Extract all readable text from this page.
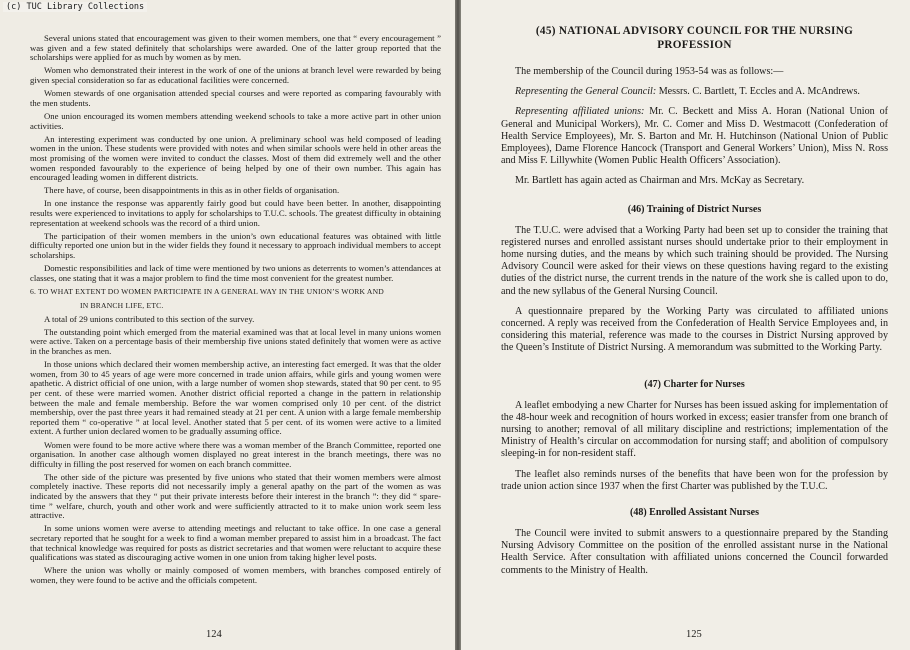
(c) TUC Library Collections

Several unions stated that encouragement was given to their women members, one that “ every encouragement ” was given and a few stated definitely that scholarships were awarded. One of the latter group reported that the scholarships were applied for as much by women as by men.

Women who demonstrated their interest in the work of one of the unions at branch level were rewarded by being given special consideration so far as educational facilities were concerned.

Women stewards of one organisation attended special courses and were reported as comparing favourably with the men students.

One union encouraged its women members attending weekend schools to take a more active part in other union activities.

An interesting experiment was conducted by one union. A preliminary school was held composed of leading women in the union. These students were provided with notes and when similar schools were held in other areas the most promising of the women were invited to conduct the classes. Most of them did extremely well and the other women responded favourably to the experience of being helped by one of their own number. This again has encouraged leading women in different districts.

There have, of course, been disappointments in this as in other fields of organisation.

In one instance the response was apparently fairly good but could have been better. In another, disappointing results were experienced to invitations to apply for scholarships to T.U.C. schools. The greatest difficulty in obtaining representation at weekend schools was the record of a third union.

The participation of their women members in the union’s own educational features was obtained with little difficulty reported one union but in the wider fields they found it necessary to approach individual members to accept scholarships.

Domestic responsibilities and lack of time were mentioned by two unions as deterrents to women’s attendances at classes, one stating that it was a major problem to find the time most convenient for the greatest number.

6. TO WHAT EXTENT DO WOMEN PARTICIPATE IN A GENERAL WAY IN THE UNION’S WORK AND

IN BRANCH LIFE, ETC.

A total of 29 unions contributed to this section of the survey.

The outstanding point which emerged from the material examined was that at local level in many unions women were active. Taken on a percentage basis of their membership five unions stated definitely that women were as active in the branches as men.

In those unions which declared their women membership active, an interesting fact emerged. It was that the older women, from 30 to 45 years of age were more concerned in trade union affairs, while girls and young women were apathetic. A district official of one union, with a large number of women shop stewards, stated that 90 per cent. to 95 per cent. of these were married women. Another district official reported a change in the pattern in relationship between the male and female membership. Before the war women comprised only 10 per cent. of the district membership, over the past three years it had remained steady at 21 per cent. A union with a large female membership reported them “ co-operative ” at local level. Another stated that 5 per cent. of its women were active to a limited extent. A further union declared women to be gradually assuming office.

Women were found to be more active where there was a woman member of the Branch Committee, reported one organisation. In another case although women displayed no great interest in the branch meetings, there was no difficulty in filling the post reserved for women on each branch committee.

The other side of the picture was presented by five unions who stated that their women members were almost completely inactive. These reports did not necessarily imply a general apathy on the part of the women as was indicated by the answers that they “ put their private interests before their interest in the branch ”: they did “ spare-time ” welfare, church, youth and other work and were sufficiently attracted to it to make union work seem less attractive.

In some unions women were averse to attending meetings and reluctant to take office. In one case a general secretary reported that he sought for a week to find a woman member prepared to assist him in a broadcast. The fact that technical knowledge was required for posts as district secretaries and that women were reluctant to acquire these qualifications was stated as discouraging active women in one union from taking higher level posts.

Where the union was wholly or mainly composed of women members, with branches composed entirely of women, they were found to be active and the officials competent.

124
(45) NATIONAL ADVISORY COUNCIL FOR THE NURSING PROFESSION

The membership of the Council during 1953-54 was as follows:—

Representing the General Council: Messrs. C. Bartlett, T. Eccles and A. McAndrews.

Representing affiliated unions: Mr. C. Beckett and Miss A. Horan (National Union of General and Municipal Workers), Mr. C. Comer and Miss D. Westmacott (Confederation of Health Service Employees), Mr. S. Barton and Mr. H. Hutchinson (National Union of Public Employees), Dame Florence Hancock (Transport and General Workers’ Union), Miss N. Ross and Miss F. Lillywhite (Women Public Health Officers’ Association).

Mr. Bartlett has again acted as Chairman and Mrs. McKay as Secretary.

(46) Training of District Nurses

The T.U.C. were advised that a Working Party had been set up to consider the training that registered nurses and enrolled assistant nurses should undertake prior to their employment in home nursing duties, and the means by which such training should be provided. The Nursing Advisory Council were asked for their views on these questions having regard to the existing duties of the district nurse, the current trends in the nature of the work she is called upon to do, and the new syllabus of the General Nursing Council.

A questionnaire prepared by the Working Party was circulated to affiliated unions concerned. A reply was received from the Confederation of Health Service Employees and, in considering this material, reference was made to the courses in District Nursing approved by the Queen’s Institute of District Nursing. A memorandum was submitted to the Working Party.

(47) Charter for Nurses

A leaflet embodying a new Charter for Nurses has been issued asking for implementation of the 48-hour week and recognition of hours worked in excess; easier transfer from one branch of nursing to another; removal of all military discipline and restrictions; implementation of the Ministry of Health’s circular on accommodation for nursing staff; and abolition of compulsory sleeping-in for non-resident staff.

The leaflet also reminds nurses of the benefits that have been won for the profession by trade union action since 1937 when the first Charter was published by the T.U.C.

(48) Enrolled Assistant Nurses

The Council were invited to submit answers to a questionnaire prepared by the Standing Nursing Advisory Committee on the position of the enrolled assistant nurse in the National Health Service. After consultation with affiliated unions concerned the Council forwarded comments to the Ministry of Health.

125
